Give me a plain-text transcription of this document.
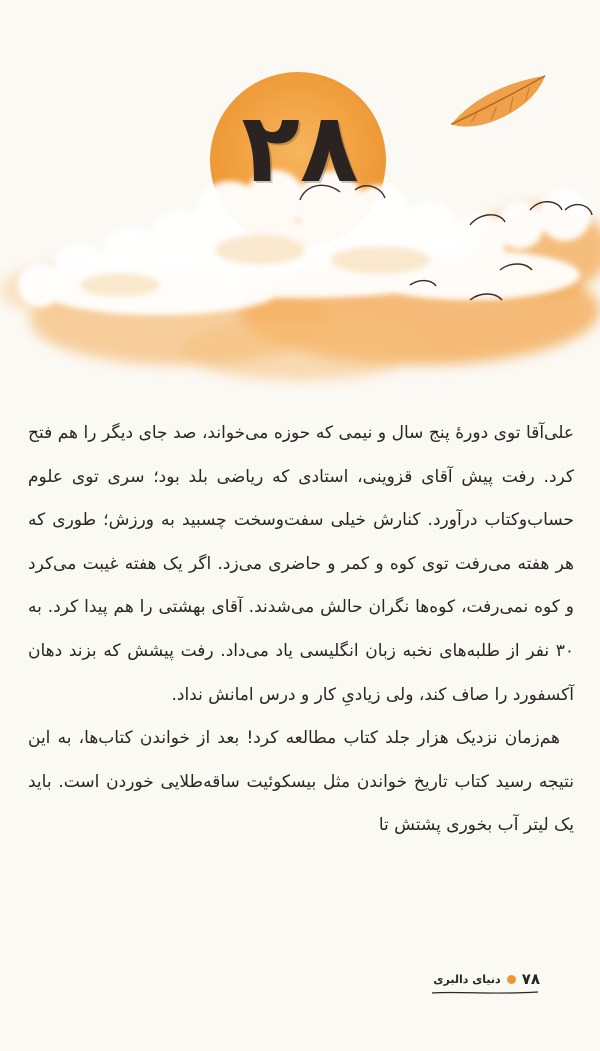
۲۸

علی‌آقا توی دورهٔ پنج سال و نیمی که حوزه می‌خواند، صد جای دیگر را هم فتح کرد. رفت پیش آقای قزوینی، استادی که ریاضی بلد بود؛ سری توی علوم حساب‌وکتاب درآورد. کنارش خیلی سفت‌وسخت چسبید به ورزش؛ طوری که هر هفته می‌رفت توی کوه و کمر و حاضری می‌زد. اگر یک هفته غیبت می‌کرد و کوه نمی‌رفت، کوه‌ها نگران حالش می‌شدند. آقای بهشتی را هم پیدا کرد. به ۳۰ نفر از طلبه‌های نخبه زبان انگلیسی یاد می‌داد. رفت پیشش که بزند دهان آکسفورد را صاف کند، ولی زیادیِ کار و درس امانش نداد.

هم‌زمان نزدیک هزار جلد کتاب مطالعه کرد! بعد از خواندن کتاب‌ها، به این نتیجه رسید کتاب تاریخ خواندن مثل بیسکوئیت ساقه‌طلایی خوردن است. باید یک لیتر آب بخوری پشتش تا

۷۸
دنیای دالبری
